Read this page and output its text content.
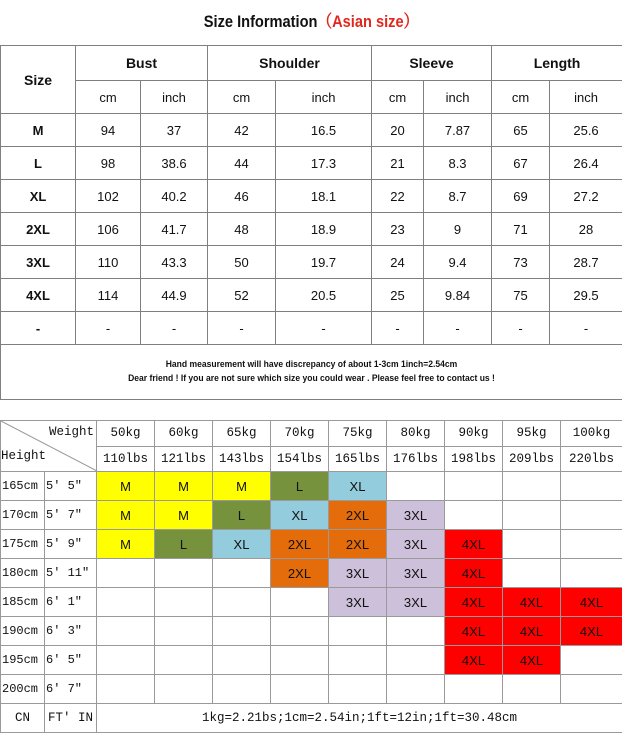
Size Information（Asian size）
Size	Bust		Shoulder		Sleeve		Length	
	cm	inch	cm	inch	cm	inch	cm	inch
M	94	37	42	16.5	20	7.87	65	25.6
L	98	38.6	44	17.3	21	8.3	67	26.4
XL	102	40.2	46	18.1	22	8.7	69	27.2
2XL	106	41.7	48	18.9	23	9	71	28
3XL	110	43.3	50	19.7	24	9.4	73	28.7
4XL	114	44.9	52	20.5	25	9.84	75	29.5
-	-	-	-	-	-	-	-	-

Hand measurement will have discrepancy of about 1-3cm 1inch=2.54cm
Dear friend ! If you are not sure which size you could wear . Please feel free to contact us !								
Weight
Height		50kg	60kg	65kg	70kg	75kg	80kg	90kg	95kg	100kg
		110lbs	121lbs	143lbs	154lbs	165lbs	176lbs	198lbs	209lbs	220lbs
165cm	5′ 5"	M	M	M	L	XL				
170cm	5′ 7"	M	M	L	XL	2XL	3XL			
175cm	5′ 9"	M	L	XL	2XL	2XL	3XL	4XL		
180cm	5′ 11"				2XL	3XL	3XL	4XL		
185cm	6′ 1"					3XL	3XL	4XL	4XL	4XL
190cm	6′ 3"							4XL	4XL	4XL
195cm	6′ 5"							4XL	4XL	
200cm	6′ 7"									
CN	FT′ IN	1kg=2.21bs;1cm=2.54in;1ft=12in;1ft=30.48cm								
